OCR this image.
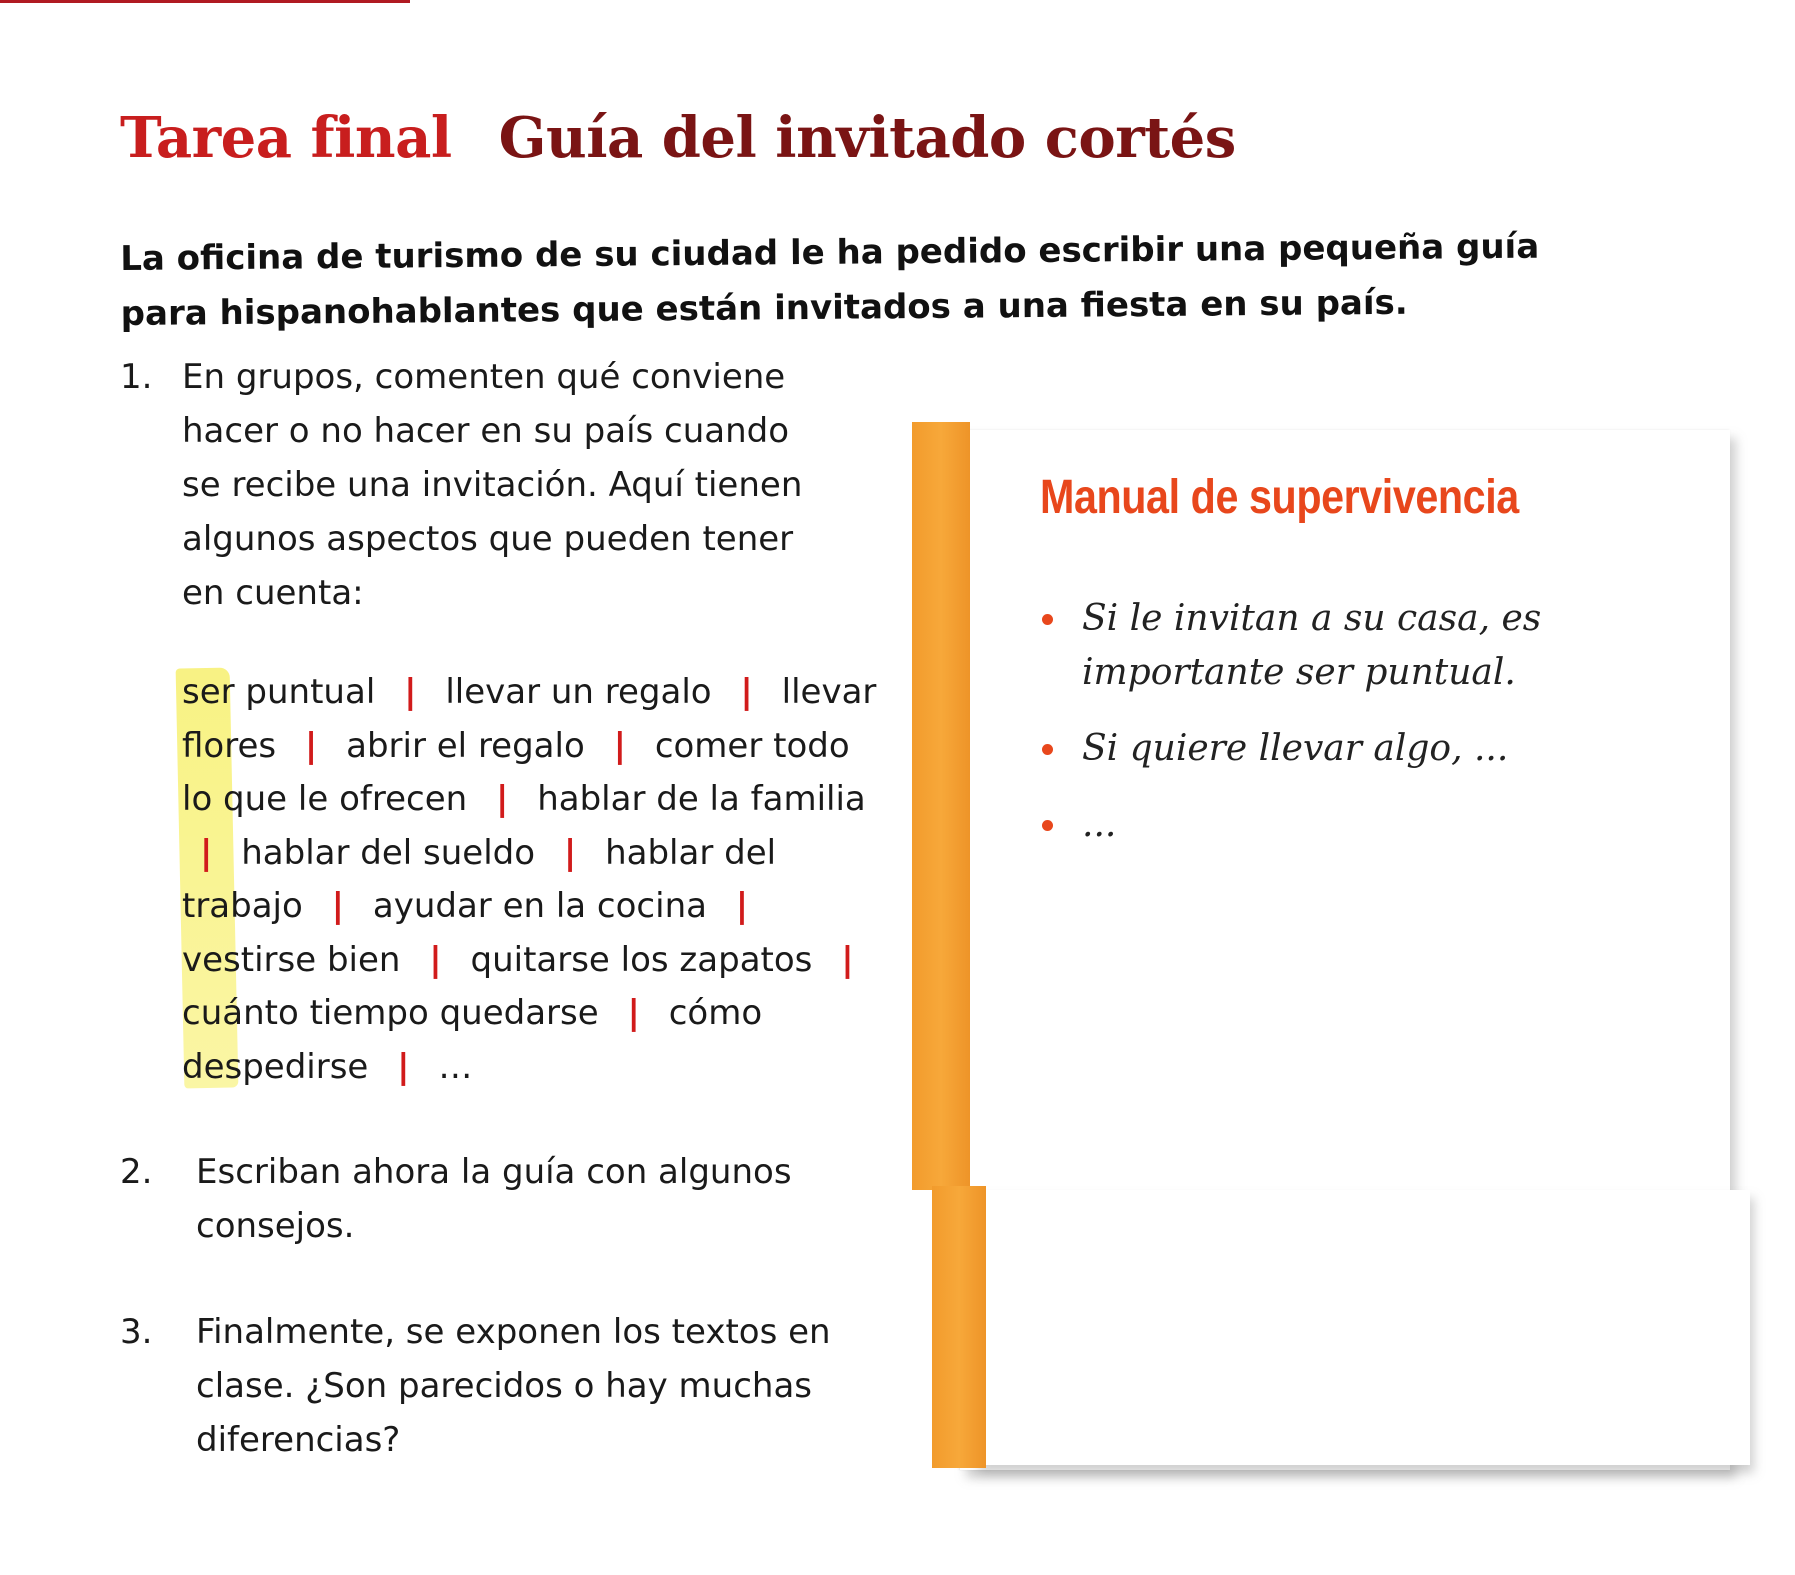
Tarea final Guía del invitado cortés

La oficina de turismo de su ciudad le ha pedido escribir una pequeña guía para hispanohablantes que están invitados a una fiesta en su país.

1. En grupos, comenten qué conviene hacer o no hacer en su país cuando se recibe una invitación. Aquí tienen algunos aspectos que pueden tener en cuenta:
2. Escriban ahora la guía con algunos consejos.
3. Finalmente, se exponen los textos en clase. ¿Son parecidos o hay muchas diferencias?
ser puntual | llevar un regalo | llevar flores | abrir el regalo | comer todo lo que le ofrecen | hablar de la familia | hablar del sueldo | hablar del trabajo | ayudar en la cocina | vestirse bien | quitarse los zapatos | cuánto tiempo quedarse | cómo despedirse | …
Manual de supervivencia
Si le invitan a su casa, es importante ser puntual.
Si quiere llevar algo, ...
...
